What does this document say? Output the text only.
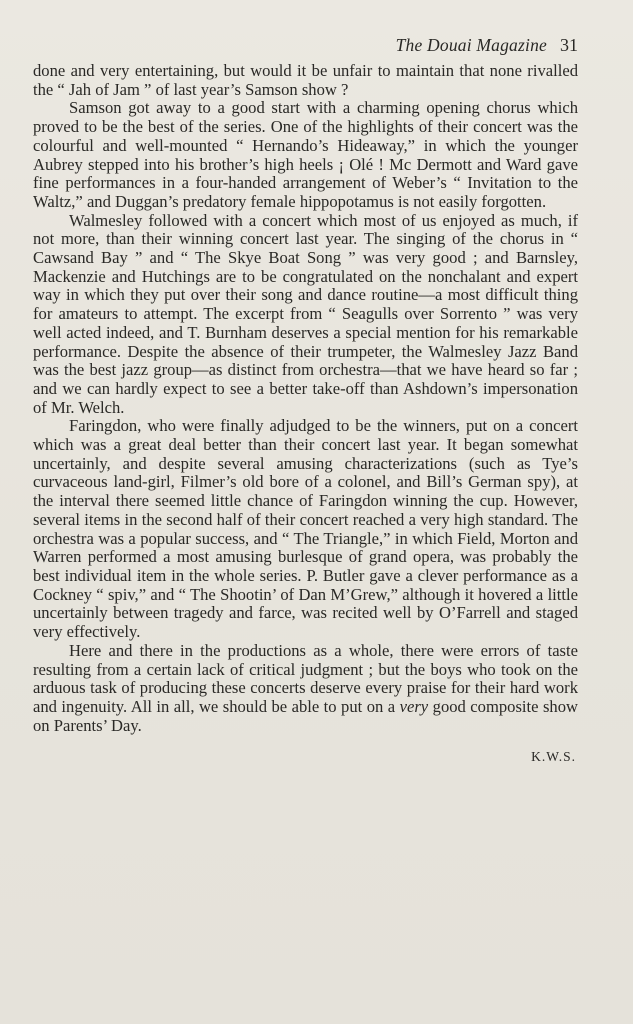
The Douai Magazine 31

done and very entertaining, but would it be unfair to maintain that none rivalled the “ Jah of Jam ” of last year’s Samson show ?

Samson got away to a good start with a charming opening chorus which proved to be the best of the series. One of the highlights of their concert was the colourful and well-mounted “ Hernando’s Hideaway,” in which the younger Aubrey stepped into his brother’s high heels ¡ Olé ! Mc Dermott and Ward gave fine performances in a four-handed arrangement of Weber’s “ Invitation to the Waltz,” and Duggan’s predatory female hippopotamus is not easily forgotten.

Walmesley followed with a concert which most of us enjoyed as much, if not more, than their winning concert last year. The singing of the chorus in “ Cawsand Bay ” and “ The Skye Boat Song ” was very good ; and Barnsley, Mackenzie and Hutchings are to be congratulated on the nonchalant and expert way in which they put over their song and dance routine—a most difficult thing for amateurs to attempt. The excerpt from “ Seagulls over Sorrento ” was very well acted indeed, and T. Burnham deserves a special mention for his remarkable performance. Despite the absence of their trumpeter, the Walmesley Jazz Band was the best jazz group—as distinct from orchestra—that we have heard so far ; and we can hardly expect to see a better take-off than Ashdown’s impersonation of Mr. Welch.

Faringdon, who were finally adjudged to be the winners, put on a concert which was a great deal better than their concert last year. It began somewhat uncertainly, and despite several amusing characterizations (such as Tye’s curvaceous land-girl, Filmer’s old bore of a colonel, and Bill’s German spy), at the interval there seemed little chance of Faringdon winning the cup. However, several items in the second half of their concert reached a very high standard. The orchestra was a popular success, and “ The Triangle,” in which Field, Morton and Warren performed a most amusing burlesque of grand opera, was probably the best individual item in the whole series. P. Butler gave a clever performance as a Cockney “ spiv,” and “ The Shootin’ of Dan M’Grew,” although it hovered a little uncertainly between tragedy and farce, was recited well by O’Farrell and staged very effectively.

Here and there in the productions as a whole, there were errors of taste resulting from a certain lack of critical judgment ; but the boys who took on the arduous task of producing these concerts deserve every praise for their hard work and ingenuity. All in all, we should be able to put on a very good composite show on Parents’ Day.

K.W.S.
